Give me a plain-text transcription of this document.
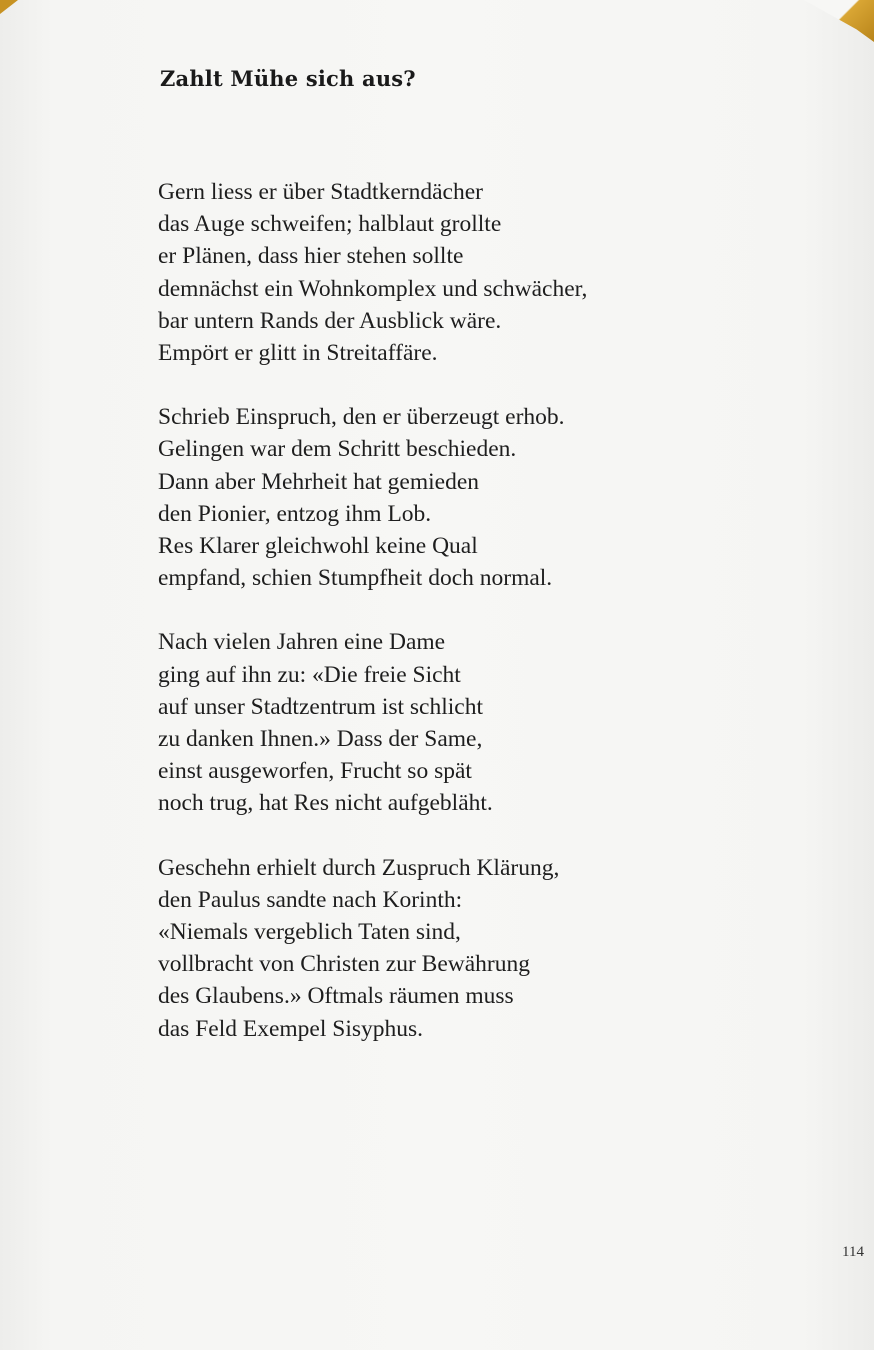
Zahlt Mühe sich aus?
Gern liess er über Stadtkerndächer
das Auge schweifen; halblaut grollte
er Plänen, dass hier stehen sollte
demnächst ein Wohnkomplex und schwächer,
bar untern Rands der Ausblick wäre.
Empört er glitt in Streitaffäre.
Schrieb Einspruch, den er überzeugt erhob.
Gelingen war dem Schritt beschieden.
Dann aber Mehrheit hat gemieden
den Pionier, entzog ihm Lob.
Res Klarer gleichwohl keine Qual
empfand, schien Stumpfheit doch normal.
Nach vielen Jahren eine Dame
ging auf ihn zu: «Die freie Sicht
auf unser Stadtzentrum ist schlicht
zu danken Ihnen.» Dass der Same,
einst ausgeworfen, Frucht so spät
noch trug, hat Res nicht aufgebläht.
Geschehn erhielt durch Zuspruch Klärung,
den Paulus sandte nach Korinth:
«Niemals vergeblich Taten sind,
vollbracht von Christen zur Bewährung
des Glaubens.» Oftmals räumen muss
das Feld Exempel Sisyphus.
114
